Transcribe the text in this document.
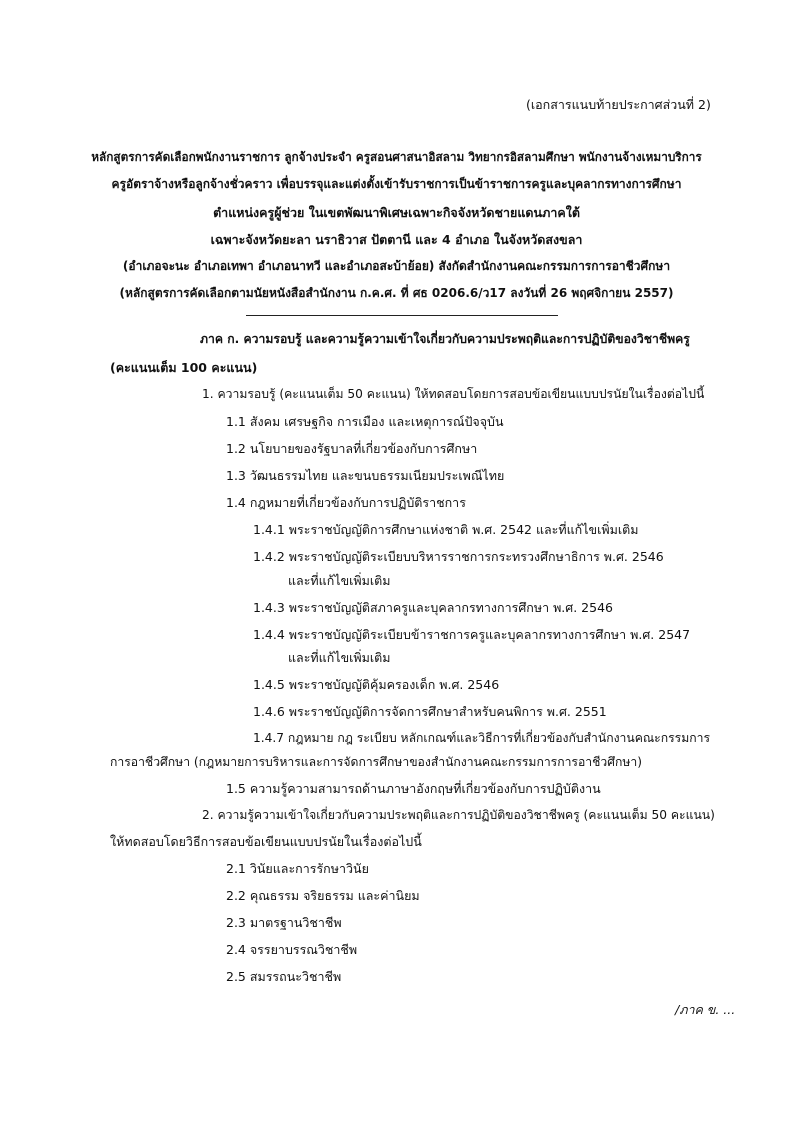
(เอกสารแนบท้ายประกาศส่วนที่ 2)
หลักสูตรการคัดเลือกพนักงานราชการ ลูกจ้างประจำ ครูสอนศาสนาอิสลาม วิทยากรอิสลามศึกษา พนักงานจ้างเหมาบริการ
ครูอัตราจ้างหรือลูกจ้างชั่วคราว เพื่อบรรจุและแต่งตั้งเข้ารับราชการเป็นข้าราชการครูและบุคลากรทางการศึกษา
ตำแหน่งครูผู้ช่วย ในเขตพัฒนาพิเศษเฉพาะกิจจังหวัดชายแดนภาคใต้
เฉพาะจังหวัดยะลา นราธิวาส ปัตตานี และ 4 อำเภอ ในจังหวัดสงขลา
(อำเภอจะนะ อำเภอเทพา อำเภอนาทวี และอำเภอสะบ้าย้อย) สังกัดสำนักงานคณะกรรมการการอาชีวศึกษา
(หลักสูตรการคัดเลือกตามนัยหนังสือสำนักงาน ก.ค.ศ. ที่ ศธ 0206.6/ว17 ลงวันที่ 26 พฤศจิกายน 2557)
ภาค ก. ความรอบรู้ และความรู้ความเข้าใจเกี่ยวกับความประพฤติและการปฏิบัติของวิชาชีพครู
(คะแนนเต็ม 100 คะแนน)
1. ความรอบรู้ (คะแนนเต็ม 50 คะแนน) ให้ทดสอบโดยการสอบข้อเขียนแบบปรนัยในเรื่องต่อไปนี้
1.1 สังคม เศรษฐกิจ การเมือง และเหตุการณ์ปัจจุบัน
1.2 นโยบายของรัฐบาลที่เกี่ยวข้องกับการศึกษา
1.3 วัฒนธรรมไทย และขนบธรรมเนียมประเพณีไทย
1.4 กฎหมายที่เกี่ยวข้องกับการปฏิบัติราชการ
1.4.1 พระราชบัญญัติการศึกษาแห่งชาติ พ.ศ. 2542 และที่แก้ไขเพิ่มเติม
1.4.2 พระราชบัญญัติระเบียบบริหารราชการกระทรวงศึกษาธิการ พ.ศ. 2546
และที่แก้ไขเพิ่มเติม
1.4.3 พระราชบัญญัติสภาครูและบุคลากรทางการศึกษา พ.ศ. 2546
1.4.4 พระราชบัญญัติระเบียบข้าราชการครูและบุคลากรทางการศึกษา พ.ศ. 2547
และที่แก้ไขเพิ่มเติม
1.4.5 พระราชบัญญัติคุ้มครองเด็ก พ.ศ. 2546
1.4.6 พระราชบัญญัติการจัดการศึกษาสำหรับคนพิการ พ.ศ. 2551
1.4.7 กฎหมาย กฎ ระเบียบ หลักเกณฑ์และวิธีการที่เกี่ยวข้องกับสำนักงานคณะกรรมการ
การอาชีวศึกษา (กฎหมายการบริหารและการจัดการศึกษาของสำนักงานคณะกรรมการการอาชีวศึกษา)
1.5 ความรู้ความสามารถด้านภาษาอังกฤษที่เกี่ยวข้องกับการปฏิบัติงาน
2. ความรู้ความเข้าใจเกี่ยวกับความประพฤติและการปฏิบัติของวิชาชีพครู (คะแนนเต็ม 50 คะแนน)
ให้ทดสอบโดยวิธีการสอบข้อเขียนแบบปรนัยในเรื่องต่อไปนี้
2.1 วินัยและการรักษาวินัย
2.2 คุณธรรม จริยธรรม และค่านิยม
2.3 มาตรฐานวิชาชีพ
2.4 จรรยาบรรณวิชาชีพ
2.5 สมรรถนะวิชาชีพ
/ภาค ข. ...
